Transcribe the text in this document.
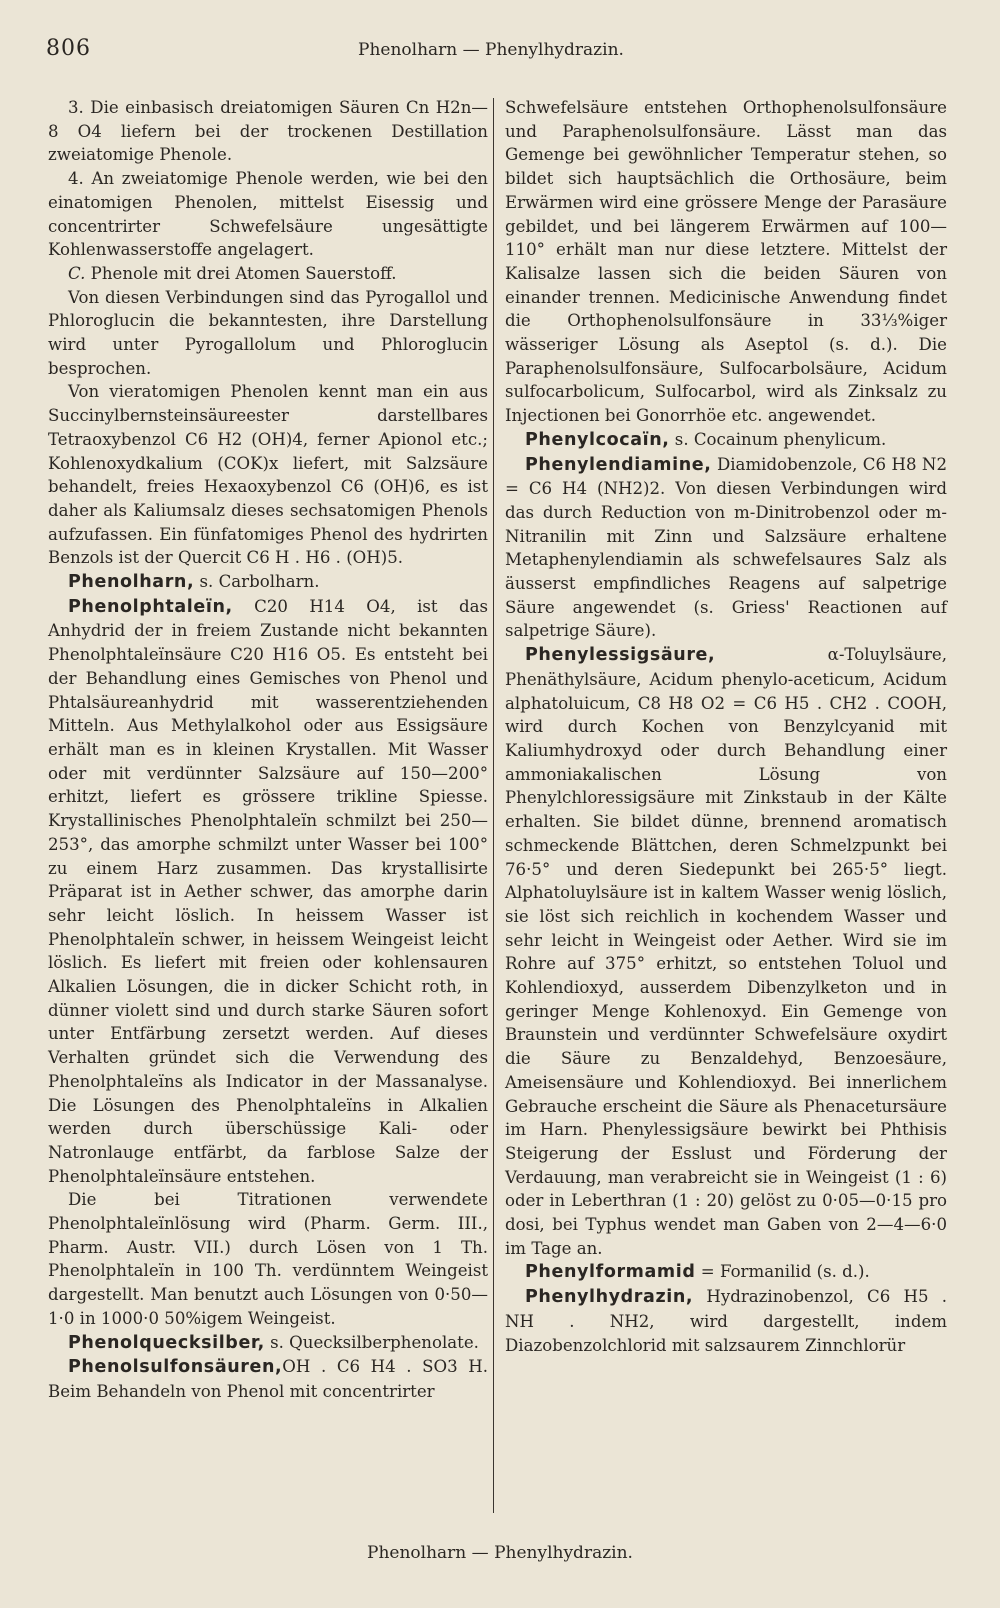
806	Phenolharn — Phenylhydrazin.

3. Die einbasisch dreiatomigen Säuren Cn H2n—8 O4 liefern bei der trockenen Destillation zweiatomige Phenole.

4. An zweiatomige Phenole werden, wie bei den einatomigen Phenolen, mittelst Eisessig und concentrirter Schwefelsäure ungesättigte Kohlenwasserstoffe angelagert.

C. Phenole mit drei Atomen Sauerstoff.

Von diesen Verbindungen sind das Pyrogallol und Phloroglucin die bekanntesten, ihre Darstellung wird unter Pyrogallolum und Phloroglucin besprochen.

Von vieratomigen Phenolen kennt man ein aus Succinylbernsteinsäureester darstellbares Tetraoxybenzol C6 H2 (OH)4, ferner Apionol etc.; Kohlenoxydkalium (COK)x liefert, mit Salzsäure behandelt, freies Hexaoxybenzol C6 (OH)6, es ist daher als Kaliumsalz dieses sechsatomigen Phenols aufzufassen. Ein fünfatomiges Phenol des hydrirten Benzols ist der Quercit C6 H . H6 . (OH)5.

Phenolharn, s. Carbolharn.

Phenolphtaleïn, C20 H14 O4, ist das Anhydrid der in freiem Zustande nicht bekannten Phenolphtaleïnsäure C20 H16 O5. Es entsteht bei der Behandlung eines Gemisches von Phenol und Phtalsäureanhydrid mit wasserentziehenden Mitteln. Aus Methylalkohol oder aus Essigsäure erhält man es in kleinen Krystallen. Mit Wasser oder mit verdünnter Salzsäure auf 150—200° erhitzt, liefert es grössere trikline Spiesse. Krystallinisches Phenolphtaleïn schmilzt bei 250—253°, das amorphe schmilzt unter Wasser bei 100° zu einem Harz zusammen. Das krystallisirte Präparat ist in Aether schwer, das amorphe darin sehr leicht löslich. In heissem Wasser ist Phenolphtaleïn schwer, in heissem Weingeist leicht löslich. Es liefert mit freien oder kohlensauren Alkalien Lösungen, die in dicker Schicht roth, in dünner violett sind und durch starke Säuren sofort unter Entfärbung zersetzt werden. Auf dieses Verhalten gründet sich die Verwendung des Phenolphtaleïns als Indicator in der Massanalyse. Die Lösungen des Phenolphtaleïns in Alkalien werden durch überschüssige Kali- oder Natronlauge entfärbt, da farblose Salze der Phenolphtaleïnsäure entstehen.

Die bei Titrationen verwendete Phenolphtaleïnlösung wird (Pharm. Germ. III., Pharm. Austr. VII.) durch Lösen von 1 Th. Phenolphtaleïn in 100 Th. verdünntem Weingeist dargestellt. Man benutzt auch Lösungen von 0·50—1·0 in 1000·0 50%igem Weingeist.

Phenolquecksilber, s. Quecksilberphenolate.

Phenolsulfonsäuren,OH . C6 H4 . SO3 H. Beim Behandeln von Phenol mit concentrirter

Schwefelsäure entstehen Orthophenolsulfonsäure und Paraphenolsulfonsäure. Lässt man das Gemenge bei gewöhnlicher Temperatur stehen, so bildet sich hauptsächlich die Orthosäure, beim Erwärmen wird eine grössere Menge der Parasäure gebildet, und bei längerem Erwärmen auf 100—110° erhält man nur diese letztere. Mittelst der Kalisalze lassen sich die beiden Säuren von einander trennen. Medicinische Anwendung findet die Orthophenolsulfonsäure in 33⅓%iger wässeriger Lösung als Aseptol (s. d.). Die Paraphenolsulfonsäure, Sulfocarbolsäure, Acidum sulfocarbolicum, Sulfocarbol, wird als Zinksalz zu Injectionen bei Gonorrhöe etc. angewendet.

Phenylcocaïn, s. Cocainum phenylicum.

Phenylendiamine, Diamidobenzole, C6 H8 N2 = C6 H4 (NH2)2. Von diesen Verbindungen wird das durch Reduction von m-Dinitrobenzol oder m-Nitranilin mit Zinn und Salzsäure erhaltene Metaphenylendiamin als schwefelsaures Salz als äusserst empfindliches Reagens auf salpetrige Säure angewendet (s. Griess' Reactionen auf salpetrige Säure).

Phenylessigsäure,	α-Toluylsäure, Phenäthylsäure, Acidum phenylo-aceticum, Acidum alphatoluicum, C8 H8 O2 = C6 H5 . CH2 . COOH, wird durch Kochen von Benzylcyanid mit Kaliumhydroxyd oder durch Behandlung einer ammoniakalischen Lösung von Phenylchloressigsäure mit Zinkstaub in der Kälte erhalten. Sie bildet dünne, brennend aromatisch schmeckende Blättchen, deren Schmelzpunkt bei 76·5° und deren Siedepunkt bei 265·5° liegt. Alphatoluylsäure ist in kaltem Wasser wenig löslich, sie löst sich reichlich in kochendem Wasser und sehr leicht in Weingeist oder Aether. Wird sie im Rohre auf 375° erhitzt, so entstehen Toluol und Kohlendioxyd, ausserdem Dibenzylketon und in geringer Menge Kohlenoxyd. Ein Gemenge von Braunstein und verdünnter Schwefelsäure oxydirt die Säure zu Benzaldehyd, Benzoesäure, Ameisensäure und Kohlendioxyd. Bei innerlichem Gebrauche erscheint die Säure als Phenacetursäure im Harn. Phenylessigsäure bewirkt bei Phthisis Steigerung der Esslust und Förderung der Verdauung, man verabreicht sie in Weingeist (1 : 6) oder in Leberthran (1 : 20) gelöst zu 0·05—0·15 pro dosi, bei Typhus wendet man Gaben von 2—4—6·0 im Tage an.

Phenylformamid = Formanilid (s. d.).

Phenylhydrazin, Hydrazinobenzol, C6 H5 . NH . NH2, wird dargestellt, indem Diazobenzolchlorid mit salzsaurem Zinnchlorür

Phenolharn — Phenylhydrazin.
